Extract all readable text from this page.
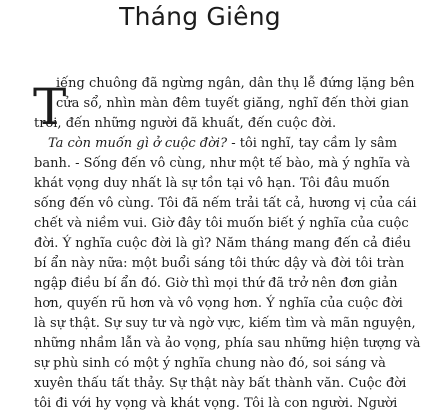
Tháng Giêng
T
iếng chuông đã ngừng ngân, dân thụ lễ đứng lặng bên
cửa sổ, nhìn màn đêm tuyết giăng, nghĩ đến thời gian
trôi, đến những người đã khuất, đến cuộc đời.
Ta còn muốn gì ở cuộc đời? - tôi nghĩ, tay cầm ly sâm
banh. - Sống đến vô cùng, như một tế bào, mà ý nghĩa và
khát vọng duy nhất là sự tồn tại vô hạn. Tôi đâu muốn
sống đến vô cùng. Tôi đã nếm trải tất cả, hương vị của cái
chết và niềm vui. Giờ đây tôi muốn biết ý nghĩa của cuộc
đời. Ý nghĩa cuộc đời là gì? Năm tháng mang đến cả điều
bí ẩn này nữa: một buổi sáng tôi thức dậy và đời tôi tràn
ngập điều bí ẩn đó. Giờ thì mọi thứ đã trở nên đơn giản
hơn, quyến rũ hơn và vô vọng hơn. Ý nghĩa của cuộc đời
là sự thật. Sự suy tư và ngờ vực, kiếm tìm và mãn nguyện,
những nhầm lẫn và ảo vọng, phía sau những hiện tượng và
sự phù sinh có một ý nghĩa chung nào đó, soi sáng và
xuyên thấu tất thảy. Sự thật này bất thành văn. Cuộc đời
tôi đi với hy vọng và khát vọng. Tôi là con người. Người
